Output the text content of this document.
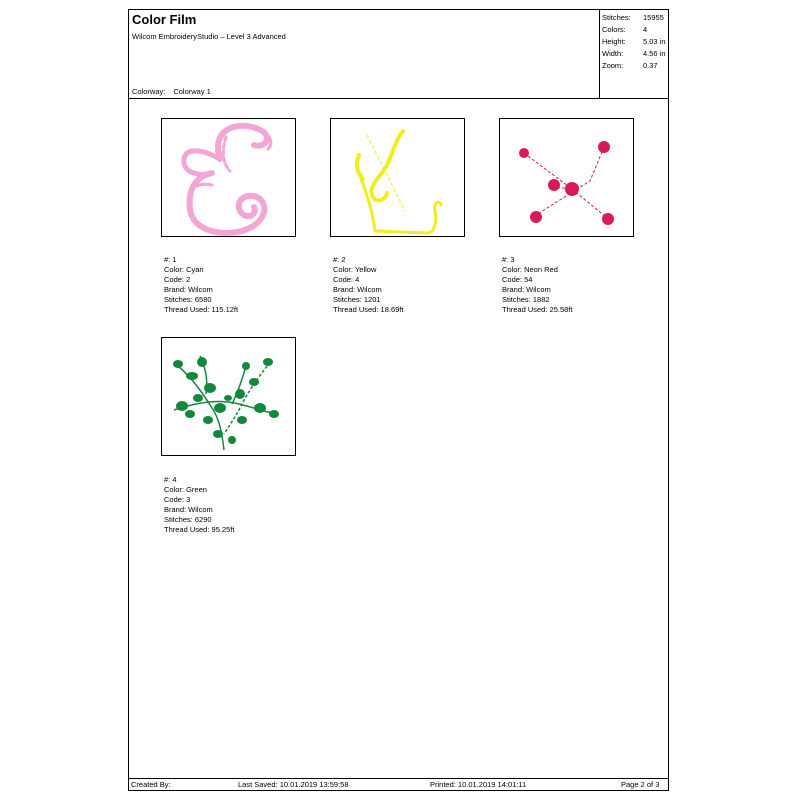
Color Film
Wilcom EmbroideryStudio – Level 3 Advanced
Colorway: Colorway 1
Stitches: 15955
Colors: 4
Height: 5.03 in
Width:	4.56 in
Zoom:	0.37
#: 1
Color: Cyan
Code: 2
Brand: Wilcom
Stitches: 6580
Thread Used: 115.12ft
#: 2
Color: Yellow
Code: 4
Brand: Wilcom
Stitches: 1201
Thread Used: 18.69ft
#: 3
Color: Neon Red
Code: 54
Brand: Wilcom
Stitches: 1882
Thread Used: 25.58ft
#: 4
Color: Green
Code: 3
Brand: Wilcom
Stitches: 6290
Thread Used: 95.25ft
Created By:	Last Saved: 10.01.2019 13:59:58	Printed: 10.01.2019 14:01:11	Page 2 of 3
